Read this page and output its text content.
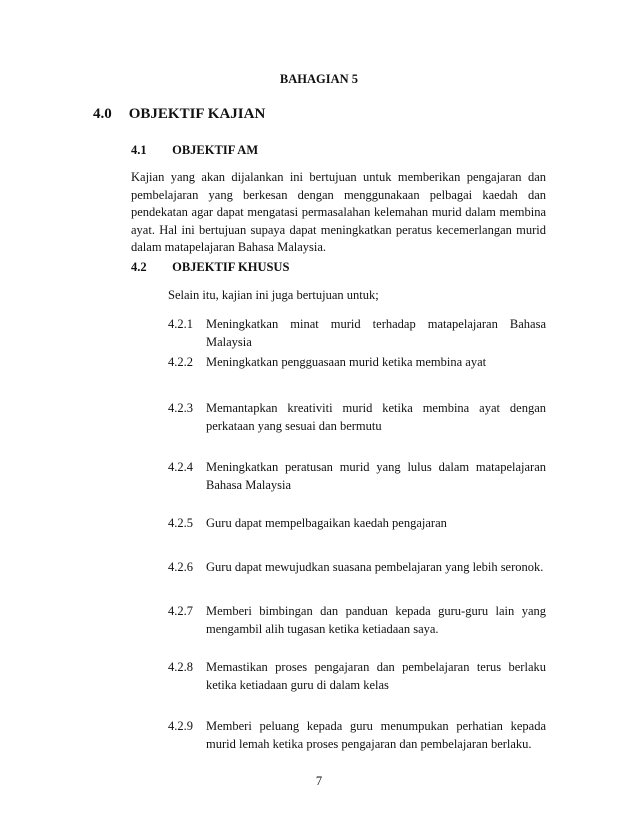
BAHAGIAN 5
4.0 OBJEKTIF KAJIAN
4.1 OBJEKTIF AM
Kajian yang akan dijalankan ini bertujuan untuk memberikan pengajaran dan
pembelajaran yang berkesan dengan menggunakaan pelbagai kaedah dan
pendekatan agar dapat mengatasi permasalahan kelemahan murid dalam membina
ayat. Hal ini bertujuan supaya dapat meningkatkan peratus kecemerlangan murid
dalam matapelajaran Bahasa Malaysia.
4.2 OBJEKTIF KHUSUS
Selain itu, kajian ini juga bertujuan untuk;
4.2.1 Meningkatkan minat murid terhadap matapelajaran Bahasa
Malaysia
4.2.2 Meningkatkan pengguasaan murid ketika membina ayat
4.2.3 Memantapkan kreativiti murid ketika membina ayat dengan
perkataan yang sesuai dan bermutu
4.2.4 Meningkatkan peratusan murid yang lulus dalam matapelajaran
Bahasa Malaysia
4.2.5 Guru dapat mempelbagaikan kaedah pengajaran
4.2.6 Guru dapat mewujudkan suasana pembelajaran yang lebih seronok.
4.2.7 Memberi bimbingan dan panduan kepada guru-guru lain yang
mengambil alih tugasan ketika ketiadaan saya.
4.2.8 Memastikan proses pengajaran dan pembelajaran terus berlaku
ketika ketiadaan guru di dalam kelas
4.2.9 Memberi peluang kepada guru menumpukan perhatian kepada
murid lemah ketika proses pengajaran dan pembelajaran berlaku.
7
